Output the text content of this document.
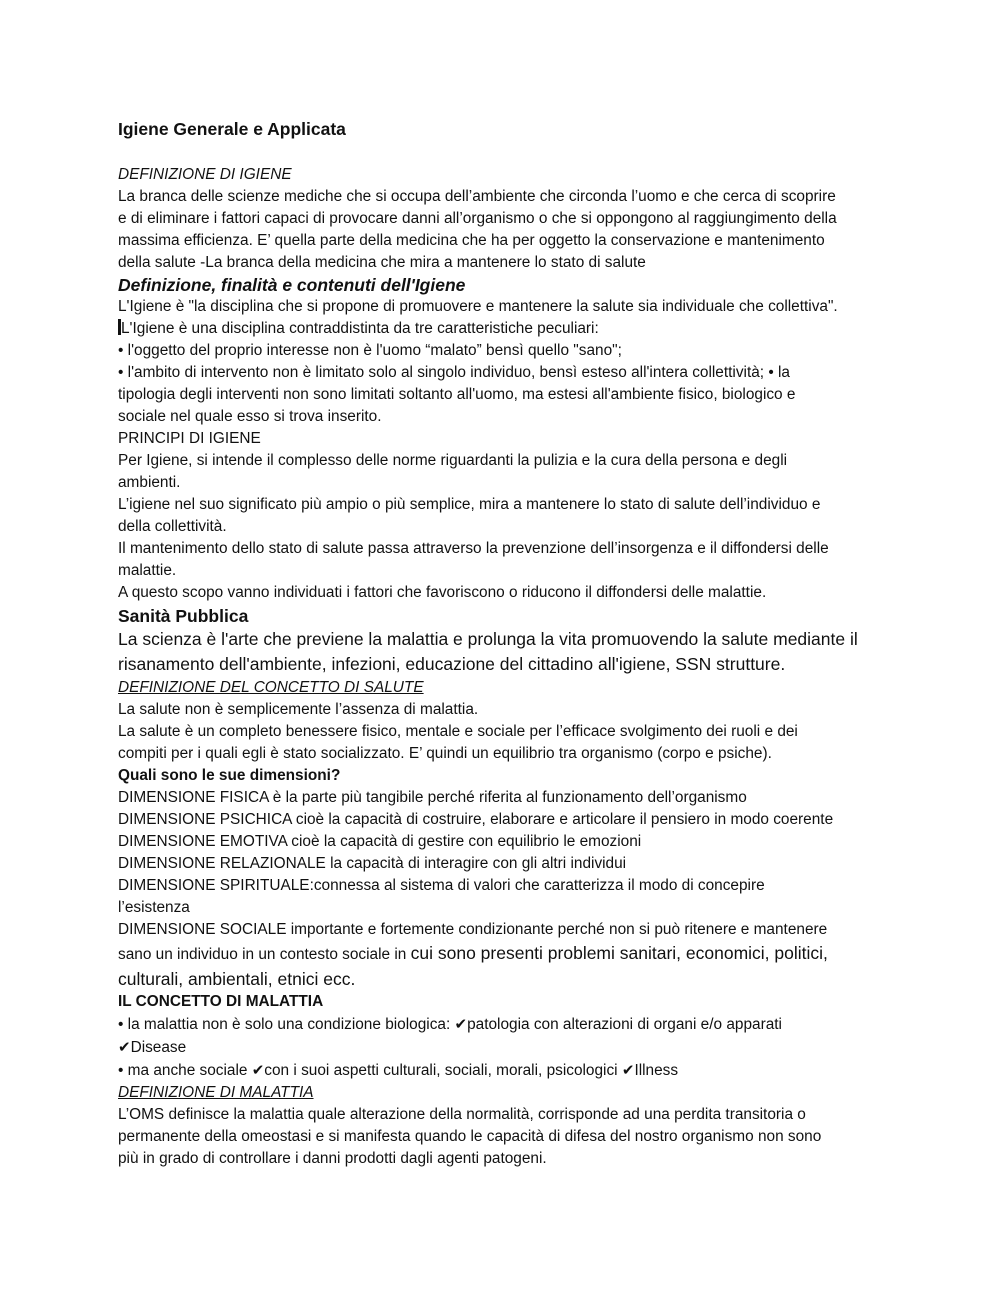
Igiene Generale e Applicata
DEFINIZIONE DI IGIENE
La branca delle scienze mediche che si occupa dell’ambiente che circonda l’uomo e che cerca di scoprire
e di eliminare i fattori capaci di provocare danni all’organismo o che si oppongono al raggiungimento della
massima efficienza. E’ quella parte della medicina che ha per oggetto la conservazione e mantenimento
della salute -La branca della medicina che mira a mantenere lo stato di salute
Definizione, finalità e contenuti dell'Igiene
L'Igiene è "la disciplina che si propone di promuovere e mantenere la salute sia individuale che collettiva".
L'Igiene è una disciplina contraddistinta da tre caratteristiche peculiari:
• l'oggetto del proprio interesse non è l'uomo “malato” bensì quello "sano";
• l'ambito di intervento non è limitato solo al singolo individuo, bensì esteso all'intera collettività; • la
tipologia degli interventi non sono limitati soltanto all'uomo, ma estesi all'ambiente fisico, biologico e
sociale nel quale esso si trova inserito.
PRINCIPI DI IGIENE
Per Igiene, si intende il complesso delle norme riguardanti la pulizia e la cura della persona e degli
ambienti.
L’igiene nel suo significato più ampio o più semplice, mira a mantenere lo stato di salute dell’individuo e
della collettività.
Il mantenimento dello stato di salute passa attraverso la prevenzione dell’insorgenza e il diffondersi delle
malattie.
A questo scopo vanno individuati i fattori che favoriscono o riducono il diffondersi delle malattie.
Sanità Pubblica
La scienza è l'arte che previene la malattia e prolunga la vita promuovendo la salute mediante il
risanamento dell'ambiente, infezioni, educazione del cittadino all'igiene, SSN strutture.
DEFINIZIONE DEL CONCETTO DI SALUTE
La salute non è semplicemente l’assenza di malattia.
La salute è un completo benessere fisico, mentale e sociale per l’efficace svolgimento dei ruoli e dei
compiti per i quali egli è stato socializzato. E’ quindi un equilibrio tra organismo (corpo e psiche).
Quali sono le sue dimensioni?
DIMENSIONE FISICA è la parte più tangibile perché riferita al funzionamento dell’organismo
DIMENSIONE PSICHICA cioè la capacità di costruire, elaborare e articolare il pensiero in modo coerente
DIMENSIONE EMOTIVA cioè la capacità di gestire con equilibrio le emozioni
DIMENSIONE RELAZIONALE la capacità di interagire con gli altri individui
DIMENSIONE SPIRITUALE:connessa al sistema di valori che caratterizza il modo di concepire
l’esistenza
DIMENSIONE SOCIALE importante e fortemente condizionante perché non si può ritenere e mantenere
sano un individuo in un contesto sociale in cui sono presenti problemi sanitari, economici, politici,
culturali, ambientali, etnici ecc.
IL CONCETTO DI MALATTIA
• la malattia non è solo una condizione biologica: ✔patologia con alterazioni di organi e/o apparati
✔Disease
• ma anche sociale ✔con i suoi aspetti culturali, sociali, morali, psicologici ✔Illness
DEFINIZIONE DI MALATTIA
L’OMS definisce la malattia quale alterazione della normalità, corrisponde ad una perdita transitoria o
permanente della omeostasi e si manifesta quando le capacità di difesa del nostro organismo non sono
più in grado di controllare i danni prodotti dagli agenti patogeni.
